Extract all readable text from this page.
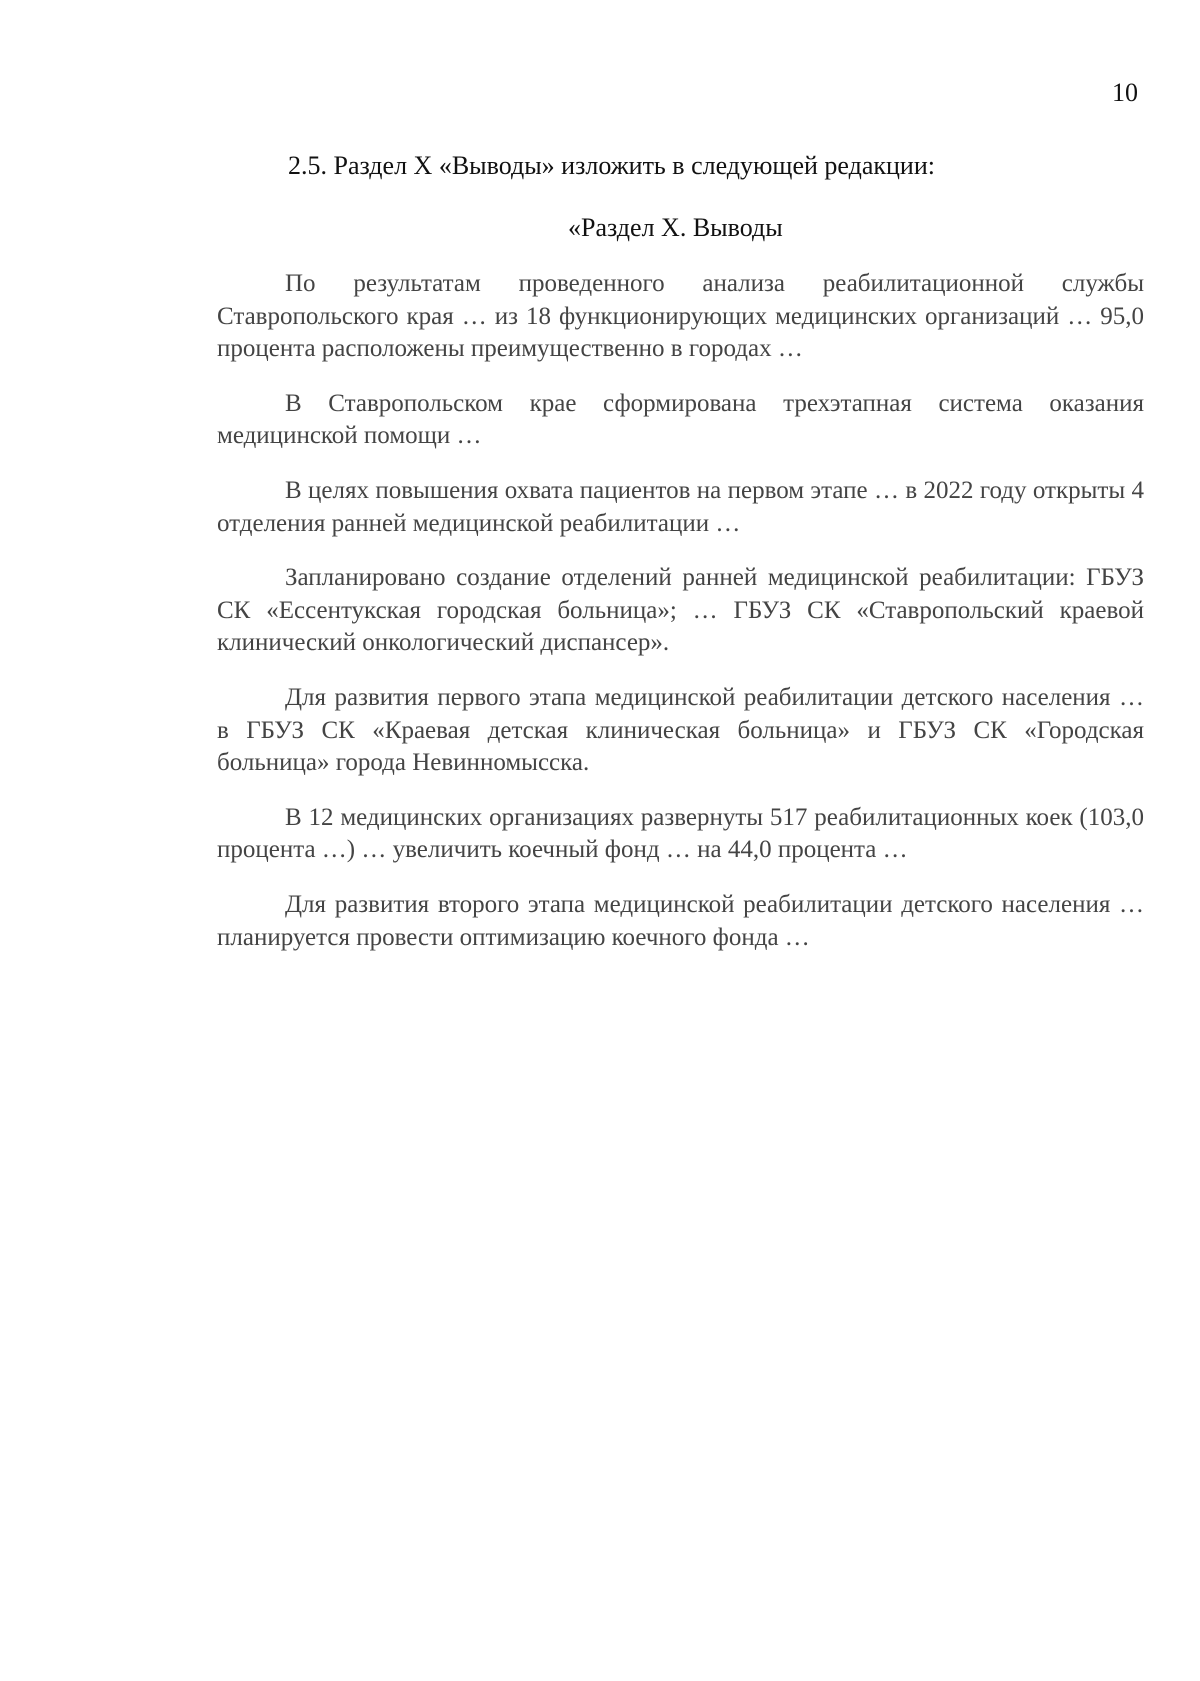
10

2.5. Раздел X «Выводы» изложить в следующей редакции:

«Раздел X. Выводы

По результатам проведенного анализа реабилитационной службы Ставропольского края … из 18 функционирующих медицинских организаций … 95,0 процента расположены преимущественно в городах …

В Ставропольском крае сформирована трехэтапная система оказания медицинской помощи …

В целях повышения охвата пациентов на первом этапе … в 2022 году открыты 4 отделения ранней медицинской реабилитации …

Запланировано создание отделений ранней медицинской реабилитации: ГБУЗ СК «Ессентукская городская больница»; … ГБУЗ СК «Ставропольский краевой клинический онкологический диспансер».

Для развития первого этапа медицинской реабилитации детского населения … в ГБУЗ СК «Краевая детская клиническая больница» и ГБУЗ СК «Городская больница» города Невинномысска.

В 12 медицинских организациях развернуты 517 реабилитационных коек (103,0 процента …) … увеличить коечный фонд … на 44,0 процента …

Для развития второго этапа медицинской реабилитации детского населения … планируется провести оптимизацию коечного фонда …
